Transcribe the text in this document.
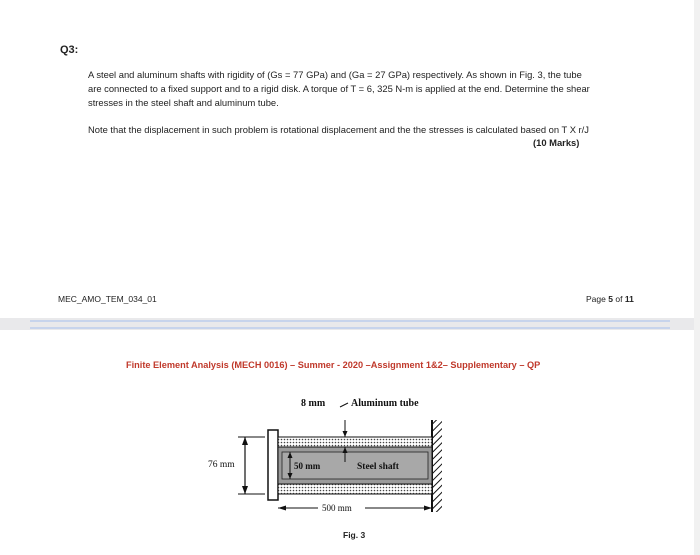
Q3:

A steel and aluminum shafts with rigidity of (Gs = 77 GPa) and (Ga = 27 GPa) respectively. As shown in Fig. 3, the tube are connected to a fixed support and to a rigid disk. A torque of T = 6, 325 N-m is applied at the end. Determine the shear stresses in the steel shaft and aluminum tube.

Note that the displacement in such problem is rotational displacement and the the stresses is calculated based on T X r/J

(10 Marks)
MEC_AMO_TEM_034_01	Page 5 of 11
Finite Element Analysis (MECH 0016) – Summer - 2020 –Assignment 1&2– Supplementary – QP
8 mm	Aluminum tube
76 mm	50 mm	Steel shaft
500 mm
Fig. 3
